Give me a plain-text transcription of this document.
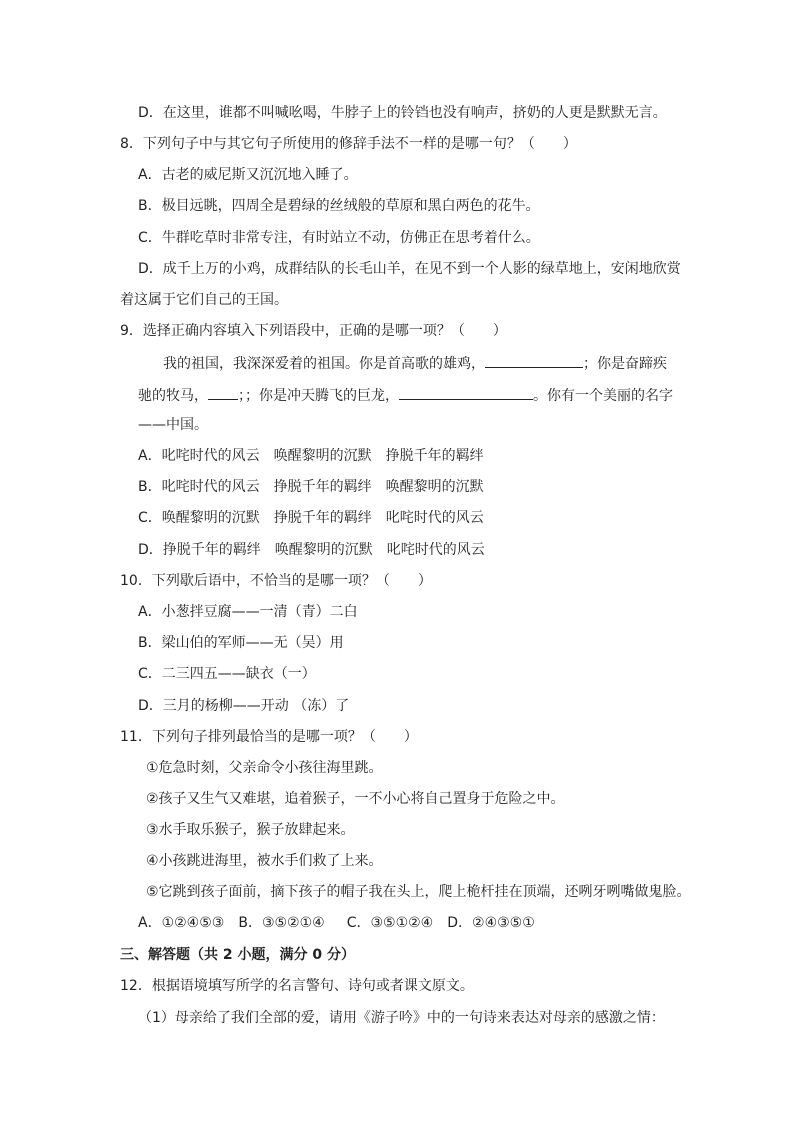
D．在这里，谁都不叫喊吆喝，牛脖子上的铃铛也没有响声，挤奶的人更是默默无言。
8．下列句子中与其它句子所使用的修辞手法不一样的是哪一句？（　　）
A．古老的威尼斯又沉沉地入睡了。
B．极目远眺，四周全是碧绿的丝绒般的草原和黑白两色的花牛。
C．牛群吃草时非常专注，有时站立不动，仿佛正在思考着什么。
D．成千上万的小鸡，成群结队的长毛山羊，在见不到一个人影的绿草地上，安闲地欣赏
着这属于它们自己的王国。
9．选择正确内容填入下列语段中，正确的是哪一项？（　　）
我的祖国，我深深爱着的祖国。你是首高歌的雄鸡，	；你是奋蹄疾
驰的牧马， ；；你是冲天腾飞的巨龙，	。你有一个美丽的名字
——中国。
A．叱咤时代的风云　唤醒黎明的沉默　挣脱千年的羁绊
B．叱咤时代的风云　挣脱千年的羁绊　唤醒黎明的沉默
C．唤醒黎明的沉默　挣脱千年的羁绊　叱咤时代的风云
D．挣脱千年的羁绊　唤醒黎明的沉默　叱咤时代的风云
10．下列歇后语中，不恰当的是哪一项？（　　）
A．小葱拌豆腐——一清（青）二白
B．梁山伯的军师——无（吴）用
C．二三四五——缺衣（一）
D．三月的杨柳——开动 （冻）了
11．下列句子排列最恰当的是哪一项？（　　）
①危急时刻，父亲命令小孩往海里跳。
②孩子又生气又难堪，追着猴子，一不小心将自己置身于危险之中。
③水手取乐猴子，猴子放肆起来。
④小孩跳进海里，被水手们救了上来。
⑤它跳到孩子面前，摘下孩子的帽子我在头上，爬上桅杆挂在顶端，还咧牙咧嘴做鬼脸。
A．①②④⑤③ B．③⑤②①④ C．③⑤①②④ D．②④③⑤①
三、解答题（共 2 小题，满分 0 分）
12．根据语境填写所学的名言警句、诗句或者课文原文。
（1）母亲给了我们全部的爱，请用《游子吟》中的一句诗来表达对母亲的感激之情：
